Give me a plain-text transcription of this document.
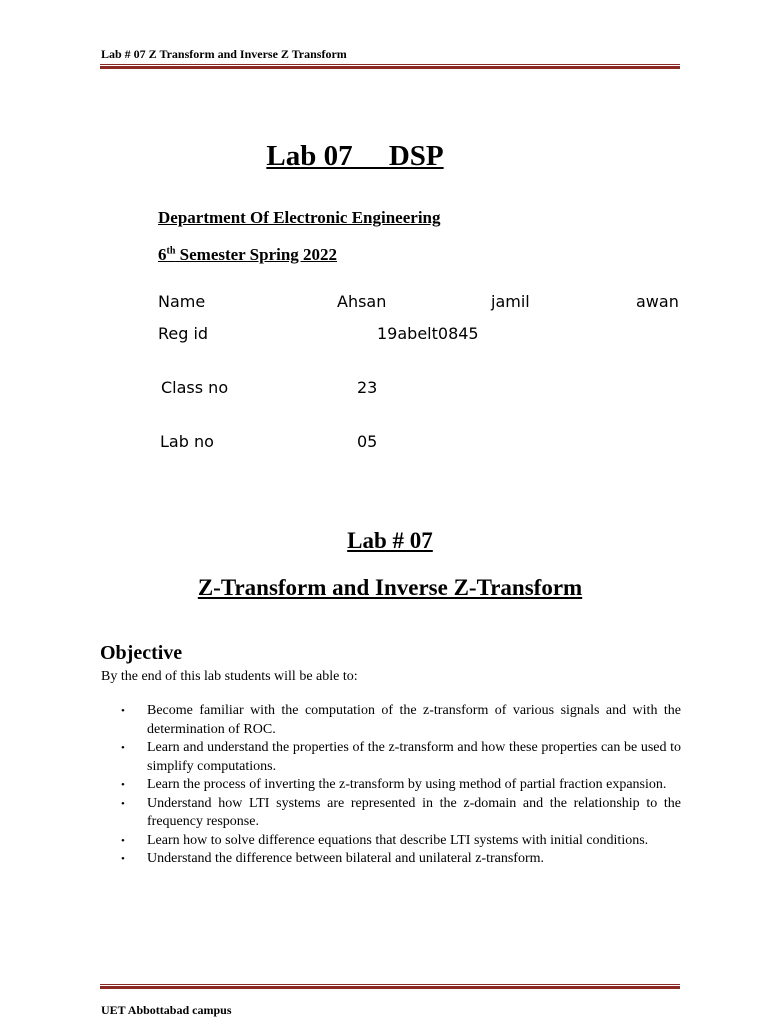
Lab # 07 Z Transform and Inverse Z Transform
Lab 07     DSP
Department Of Electronic Engineering
6th Semester Spring 2022
Name	Ahsan	jamil	awan
Reg id	19abelt0845
Class no	23
Lab no	05
Lab # 07
Z-Transform and Inverse Z-Transform
Objective
By the end of this lab students will be able to:
• Become familiar with the computation of the z-transform of various signals and with the determination of ROC.
• Learn and understand the properties of the z-transform and how these properties can be used to simplify computations.
• Learn the process of inverting the z-transform by using method of partial fraction expansion.
• Understand how LTI systems are represented in the z-domain and the relationship to the frequency response.
• Learn how to solve difference equations that describe LTI systems with initial conditions.
• Understand the difference between bilateral and unilateral z-transform.
UET Abbottabad campus
